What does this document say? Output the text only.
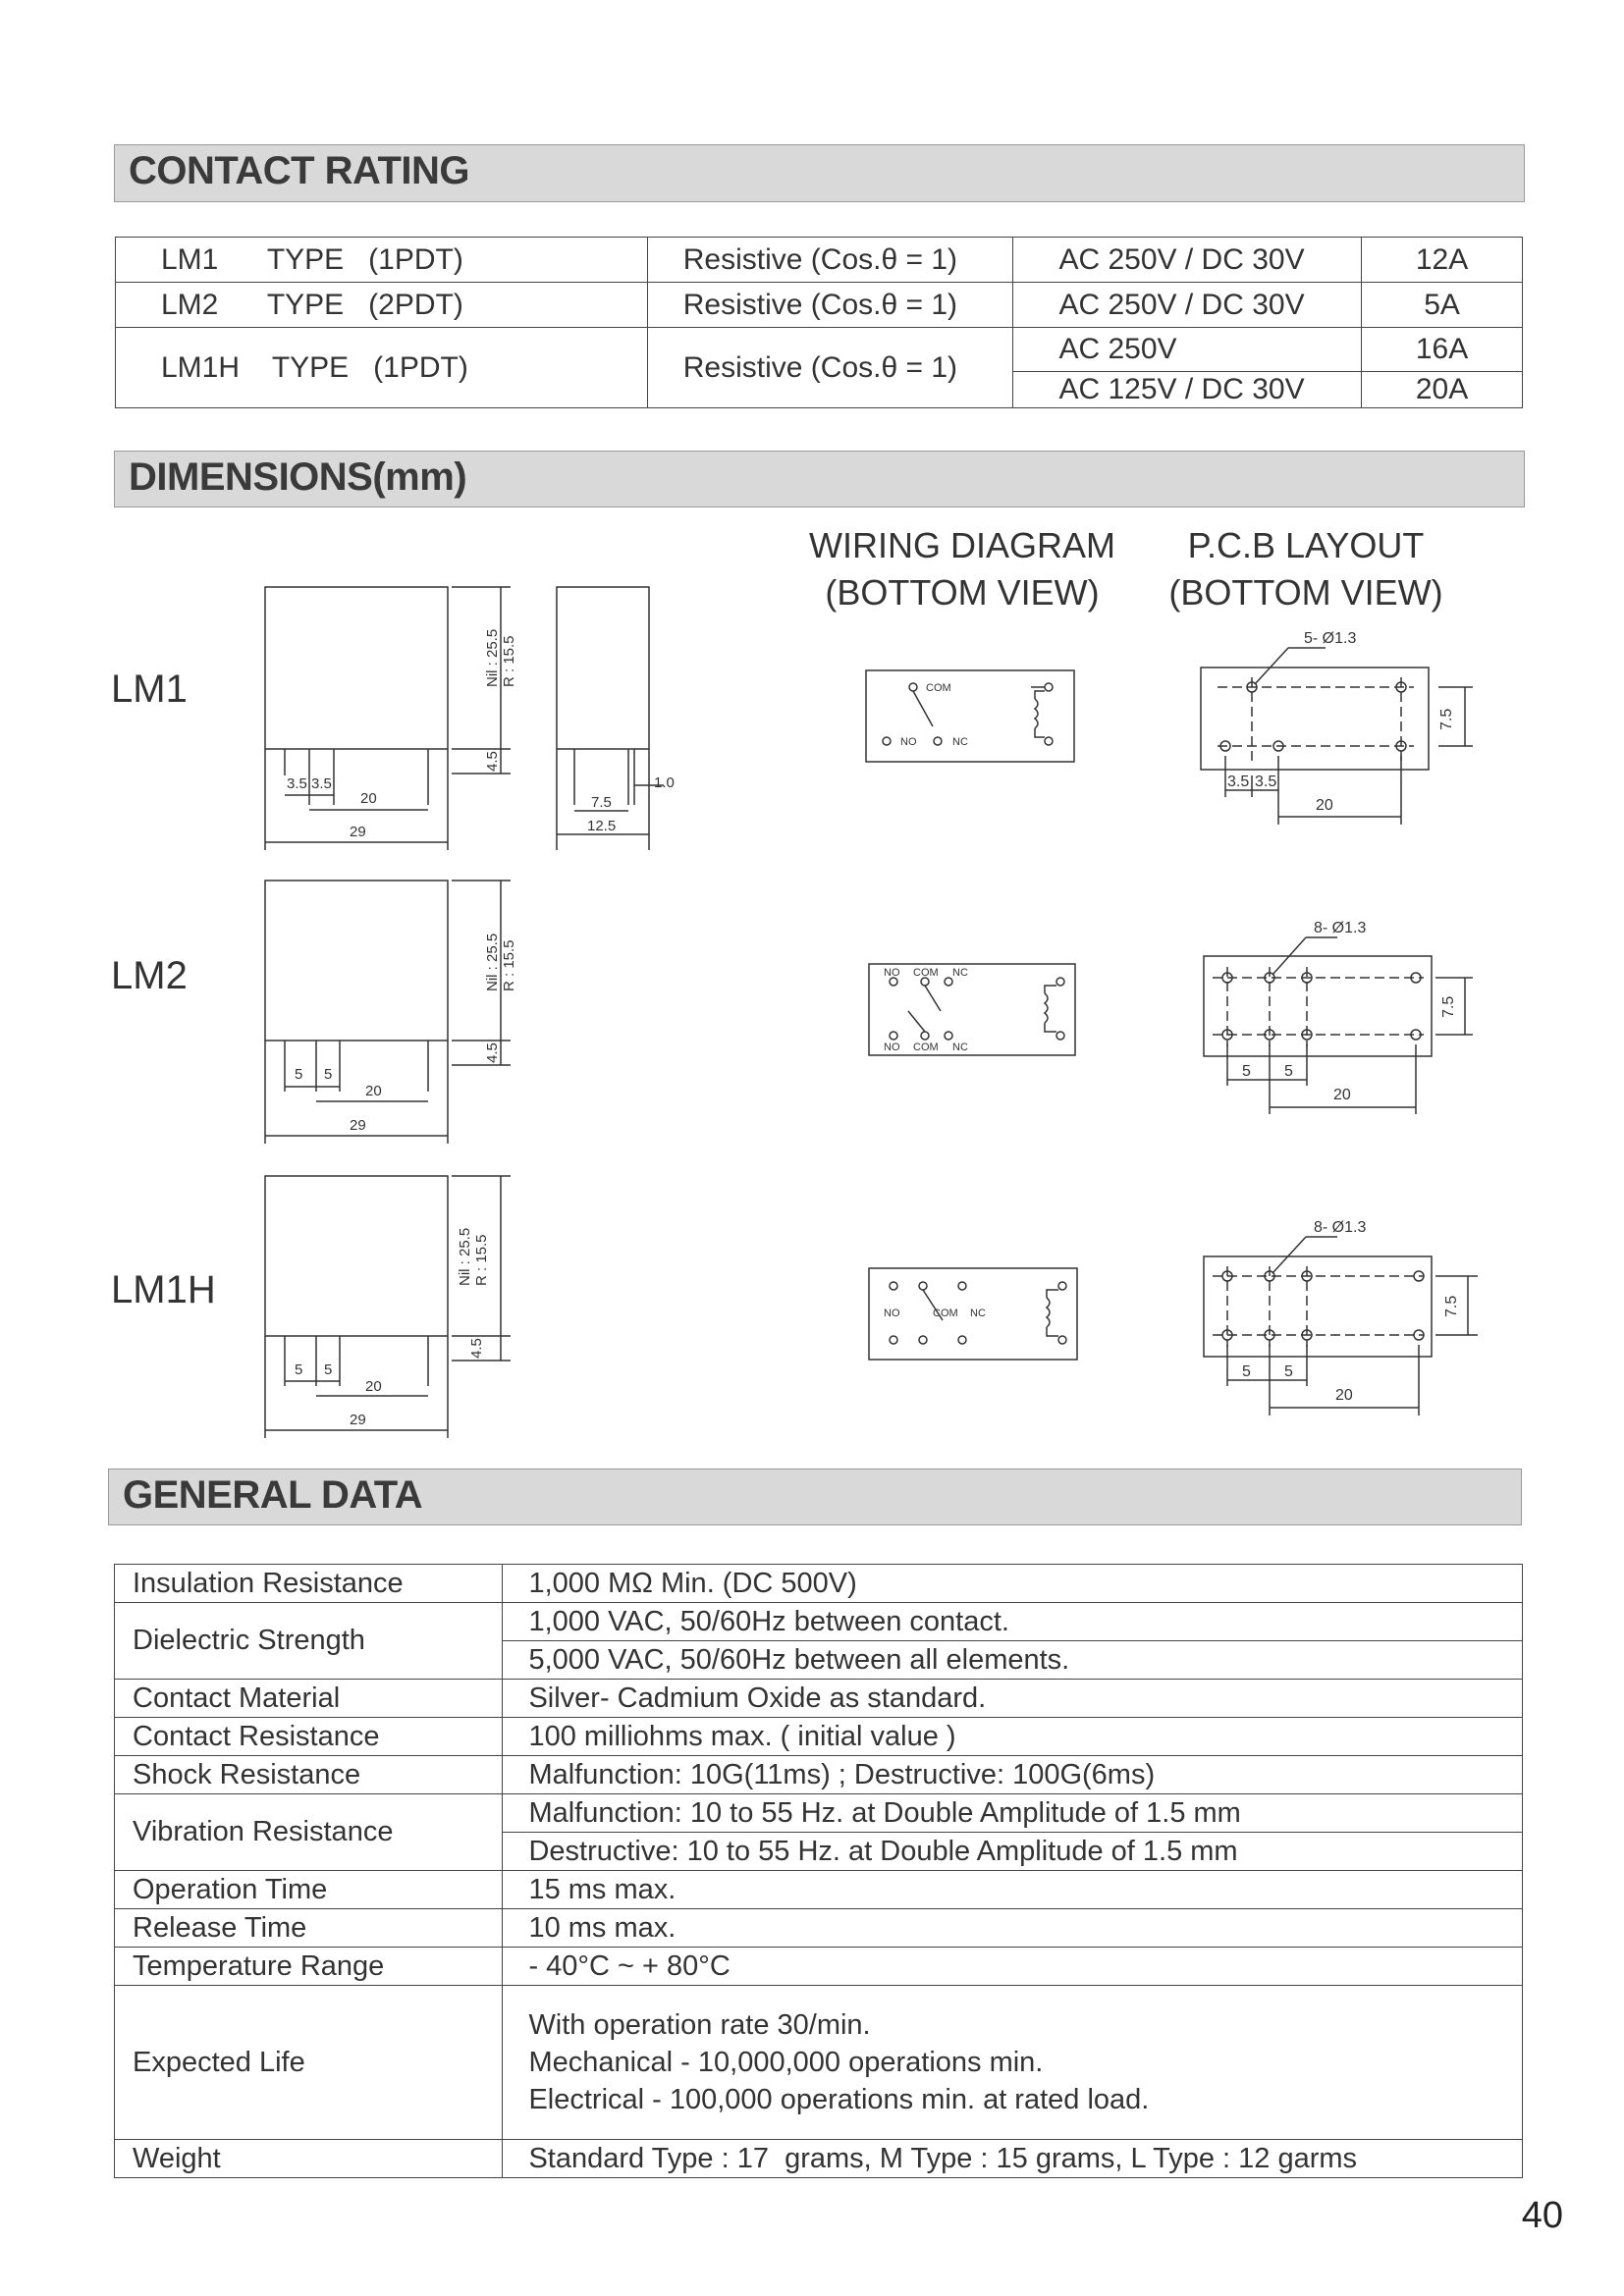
CONTACT RATING
LM1      TYPE   (1PDT)	Resistive (Cos.θ = 1)	AC 250V / DC 30V	12A
LM2      TYPE   (2PDT)	Resistive (Cos.θ = 1)	AC 250V / DC 30V	5A
LM1H    TYPE   (1PDT)	Resistive (Cos.θ = 1)	AC 250V	16A
		AC 125V / DC 30V	20A
DIMENSIONS(mm)
WIRING DIAGRAM
(BOTTOM VIEW)
P.C.B LAYOUT
(BOTTOM VIEW)
LM1
LM2
LM1H
Nil : 25.5 R : 15.5
4.5
3.5 3.5
20
29
1.0
7.5
12.5
Nil : 25.5 R : 15.5
4.5
5 5
20
29
Nil : 25.5 R : 15.5
4.5
5 5
20
29
COM
NO	NC
NO COM NC
NO COM NC
NO	COM NC
5- Ø1.3
8- Ø1.3
8- Ø1.3
7.5
7.5
7.5
3.5 3.5
20
5 5
20
5 5
20
GENERAL DATA
Insulation Resistance	1,000 MΩ Min. (DC 500V)
Dielectric Strength	1,000 VAC, 50/60Hz between contact.
	5,000 VAC, 50/60Hz between all elements.
Contact Material	Silver- Cadmium Oxide as standard.
Contact Resistance	100 milliohms max. ( initial value )
Shock Resistance	Malfunction: 10G(11ms) ; Destructive: 100G(6ms)
Vibration Resistance	Malfunction: 10 to 55 Hz. at Double Amplitude of 1.5 mm
	Destructive: 10 to 55 Hz. at Double Amplitude of 1.5 mm
Operation Time	15 ms max.
Release Time	10 ms max.
Temperature Range	- 40°C ~ + 80°C
Expected Life	With operation rate 30/min.
Mechanical - 10,000,000 operations min.
Electrical - 100,000 operations min. at rated load.

Weight	Standard Type : 17  grams, M Type : 15 grams, L Type : 12 garms
40
